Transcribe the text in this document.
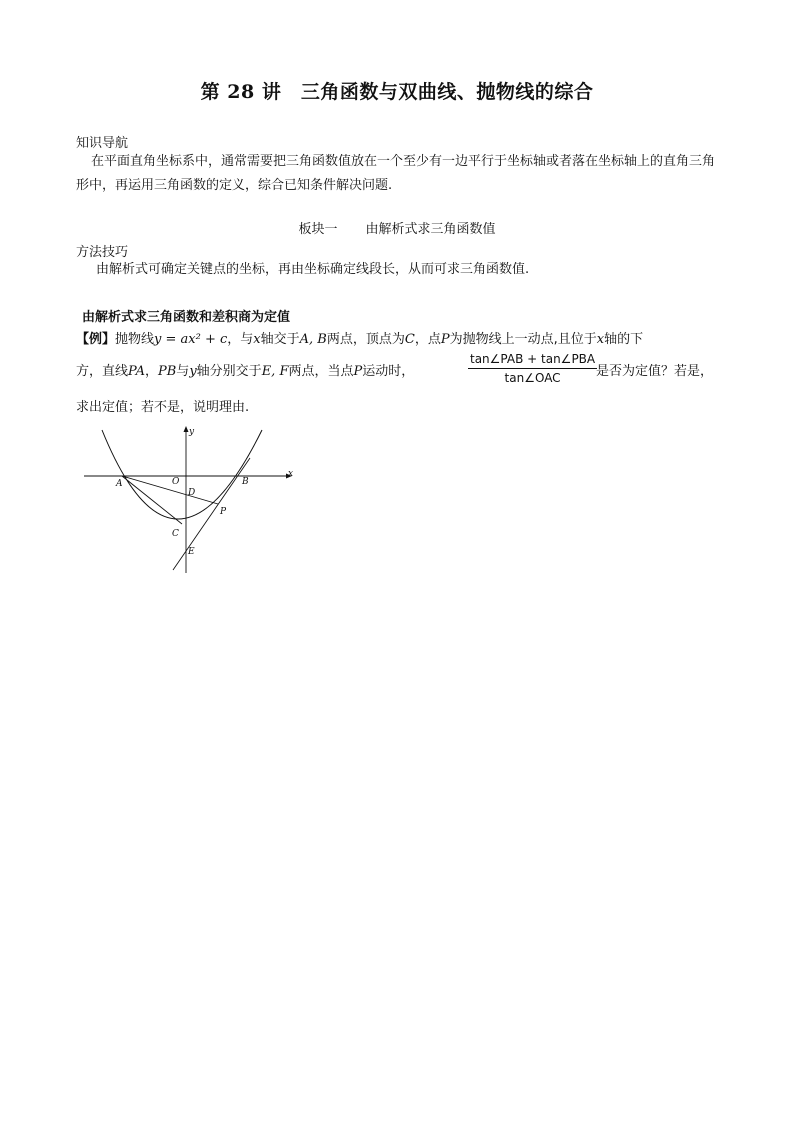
第 28 讲　三角函数与双曲线、抛物线的综合
知识导航
在平面直角坐标系中，通常需要把三角函数值放在一个至少有一边平行于坐标轴或者落在坐标轴上的直角三角形中，再运用三角函数的定义，综合已知条件解决问题.
板块一 由解析式求三角函数值
方法技巧
由解析式可确定关键点的坐标，再由坐标确定线段长，从而可求三角函数值.
由解析式求三角函数和差积商为定值
【例】抛物线y = ax² + c，与x轴交于A, B两点，顶点为C，点P为抛物线上一动点,且位于x轴的下
方，直线PA，PB与y轴分别交于E, F两点，当点P运动时，
tan∠PAB + tan∠PBA
tan∠OAC	是否为定值？若是，
求出定值；若不是，说明理由.
y
x
A	O	B
D
P
C
E
